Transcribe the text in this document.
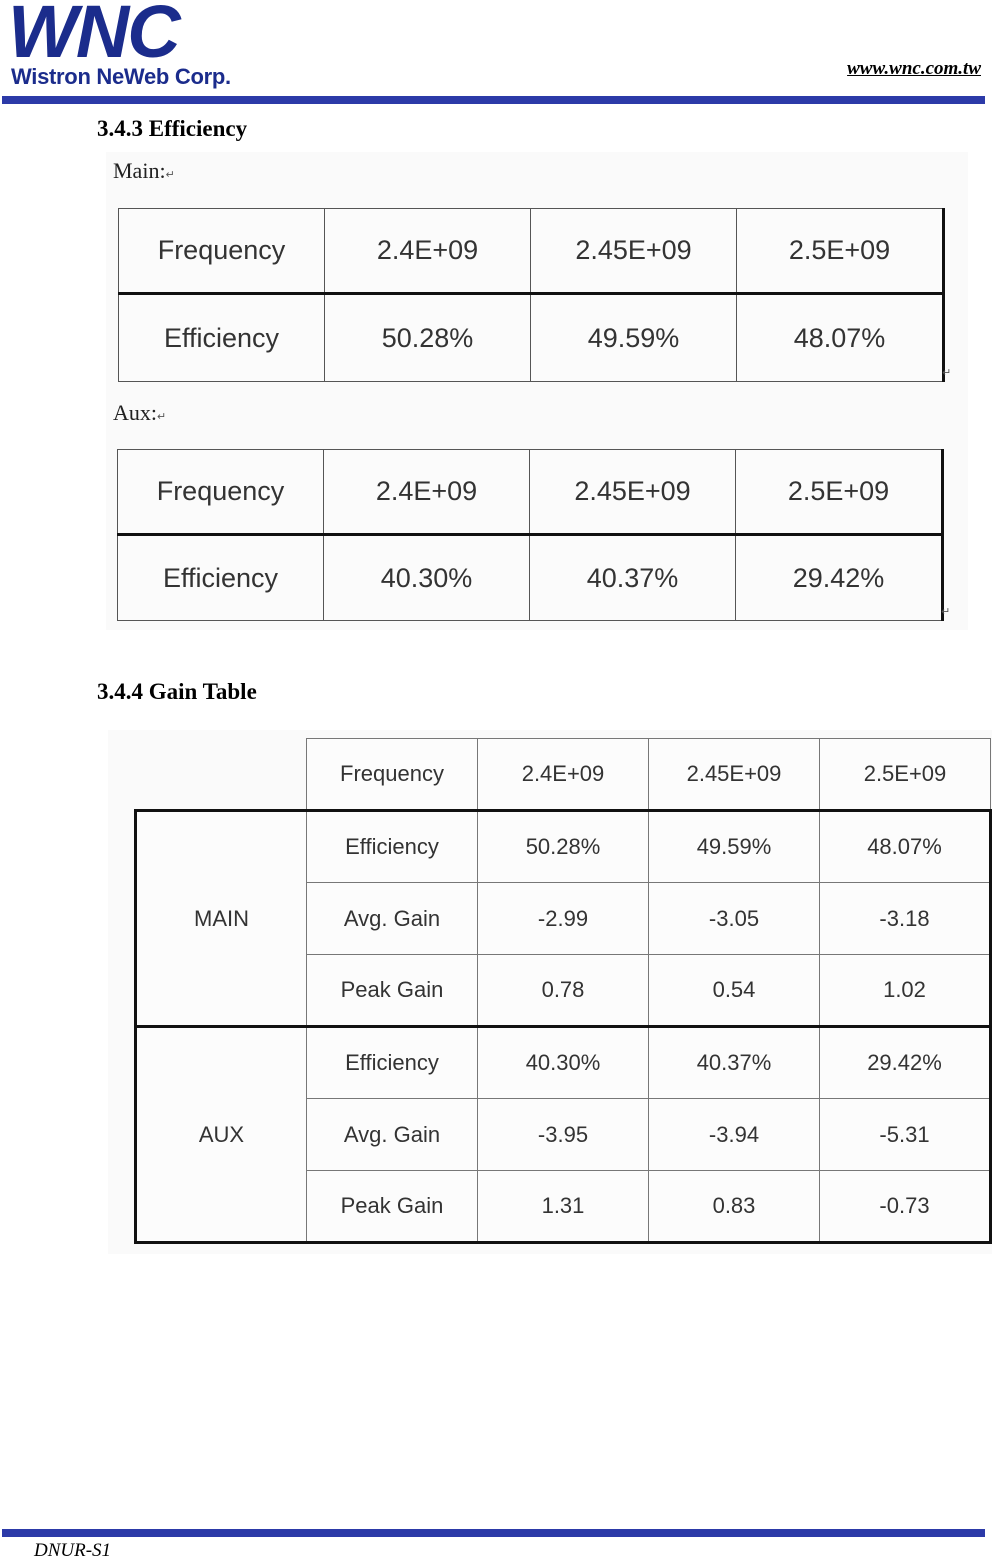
WNC
Wistron NeWeb Corp.	www.wnc.com.tw
3.4.3 Efficiency
Main:↵
Frequency	2.4E+09	2.45E+09	2.5E+09
Efficiency	50.28%	49.59%	48.07%
↵
Aux:↵
Frequency	2.4E+09	2.45E+09	2.5E+09
Efficiency	40.30%	40.37%	29.42%
↵
3.4.4 Gain Table
	Frequency	2.4E+09	2.45E+09	2.5E+09
MAIN	Efficiency	50.28%	49.59%	48.07%
	Avg. Gain	-2.99	-3.05	-3.18
	Peak Gain	0.78	0.54	1.02
AUX	Efficiency	40.30%	40.37%	29.42%
	Avg. Gain	-3.95	-3.94	-5.31
	Peak Gain	1.31	0.83	-0.73
DNUR-S1
